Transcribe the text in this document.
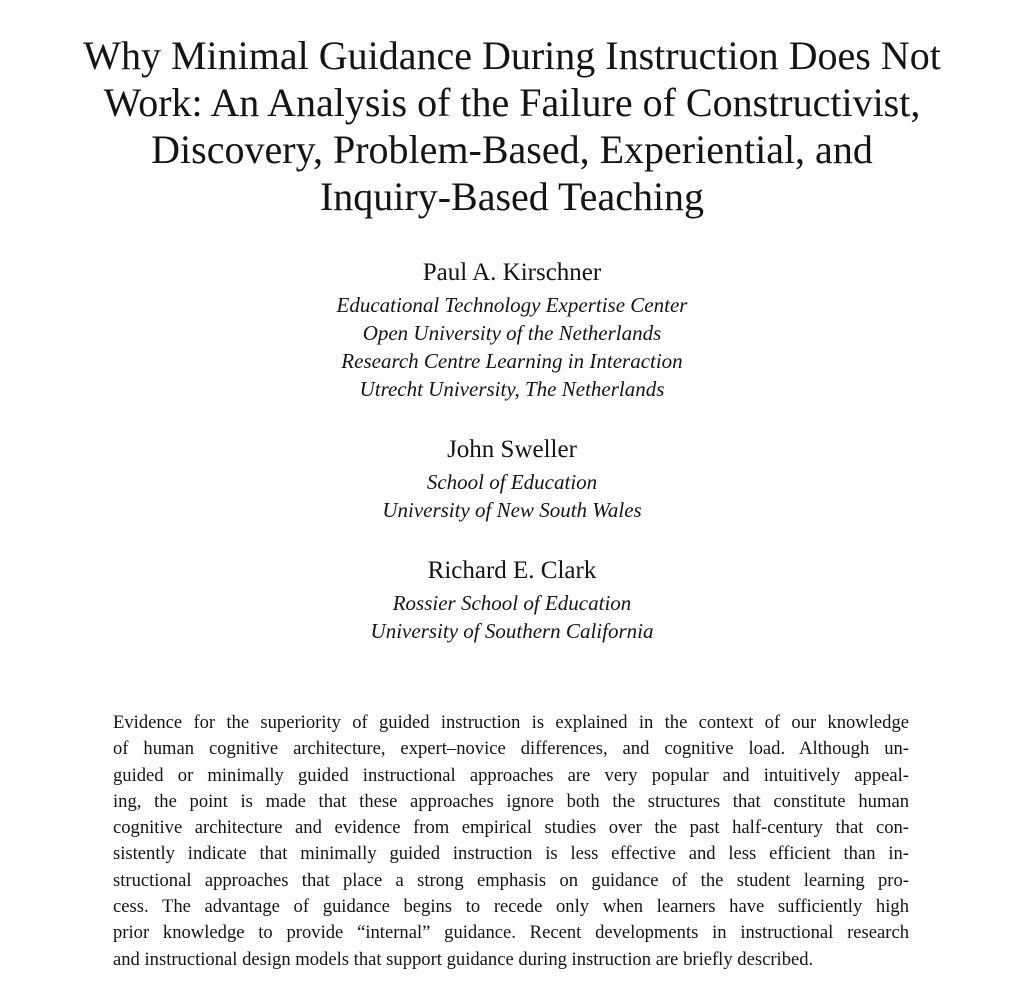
Why Minimal Guidance During Instruction Does Not
Work: An Analysis of the Failure of Constructivist,
Discovery, Problem-Based, Experiential, and
Inquiry-Based Teaching

Paul A. Kirschner

Educational Technology Expertise Center
Open University of the Netherlands
Research Centre Learning in Interaction
Utrecht University, The Netherlands

John Sweller

School of Education
University of New South Wales

Richard E. Clark

Rossier School of Education
University of Southern California

Evidence for the superiority of guided instruction is explained in the context of our knowledge
of human cognitive architecture, expert–novice differences, and cognitive load. Although un-
guided or minimally guided instructional approaches are very popular and intuitively appeal-
ing, the point is made that these approaches ignore both the structures that constitute human
cognitive architecture and evidence from empirical studies over the past half-century that con-
sistently indicate that minimally guided instruction is less effective and less efficient than in-
structional approaches that place a strong emphasis on guidance of the student learning pro-
cess. The advantage of guidance begins to recede only when learners have sufficiently high
prior knowledge to provide “internal” guidance. Recent developments in instructional research
and instructional design models that support guidance during instruction are briefly described.
